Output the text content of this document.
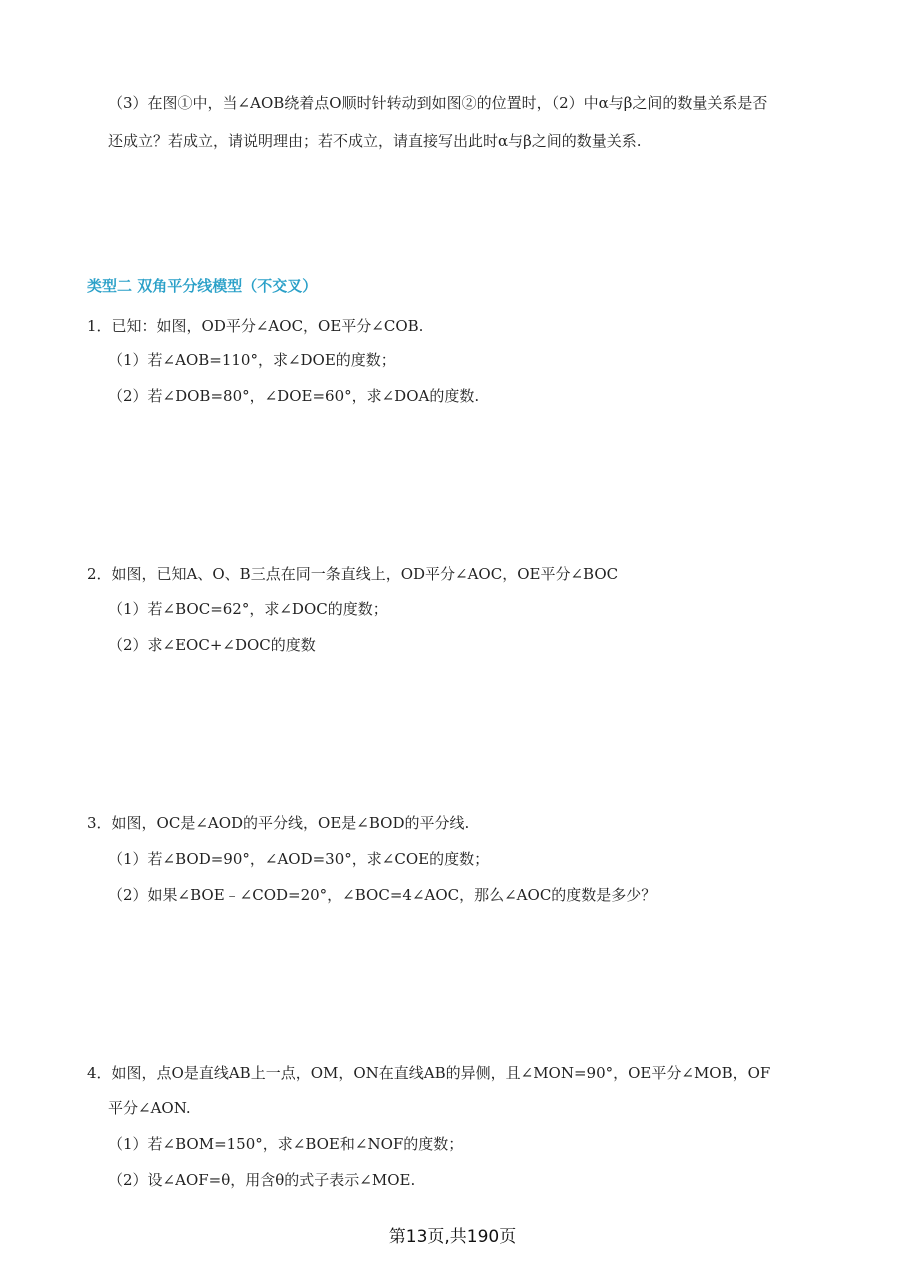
（3）在图①中，当∠AOB绕着点O顺时针转动到如图②的位置时，（2）中α与β之间的数量关系是否
还成立？若成立，请说明理由；若不成立，请直接写出此时α与β之间的数量关系.
类型二 双角平分线模型（不交叉）
1．已知：如图，OD平分∠AOC，OE平分∠COB.
（1）若∠AOB=110°，求∠DOE的度数；
（2）若∠DOB=80°，∠DOE=60°，求∠DOA的度数.
2．如图，已知A、O、B三点在同一条直线上，OD平分∠AOC，OE平分∠BOC
（1）若∠BOC=62°，求∠DOC的度数；
（2）求∠EOC+∠DOC的度数
3．如图，OC是∠AOD的平分线，OE是∠BOD的平分线.
（1）若∠BOD=90°，∠AOD=30°，求∠COE的度数；
（2）如果∠BOE﹣∠COD=20°，∠BOC=4∠AOC，那么∠AOC的度数是多少？
4．如图，点O是直线AB上一点，OM，ON在直线AB的异侧，且∠MON=90°，OE平分∠MOB，OF
平分∠AON.
（1）若∠BOM=150°，求∠BOE和∠NOF的度数；
（2）设∠AOF=θ，用含θ的式子表示∠MOE.
第13页,共190页
